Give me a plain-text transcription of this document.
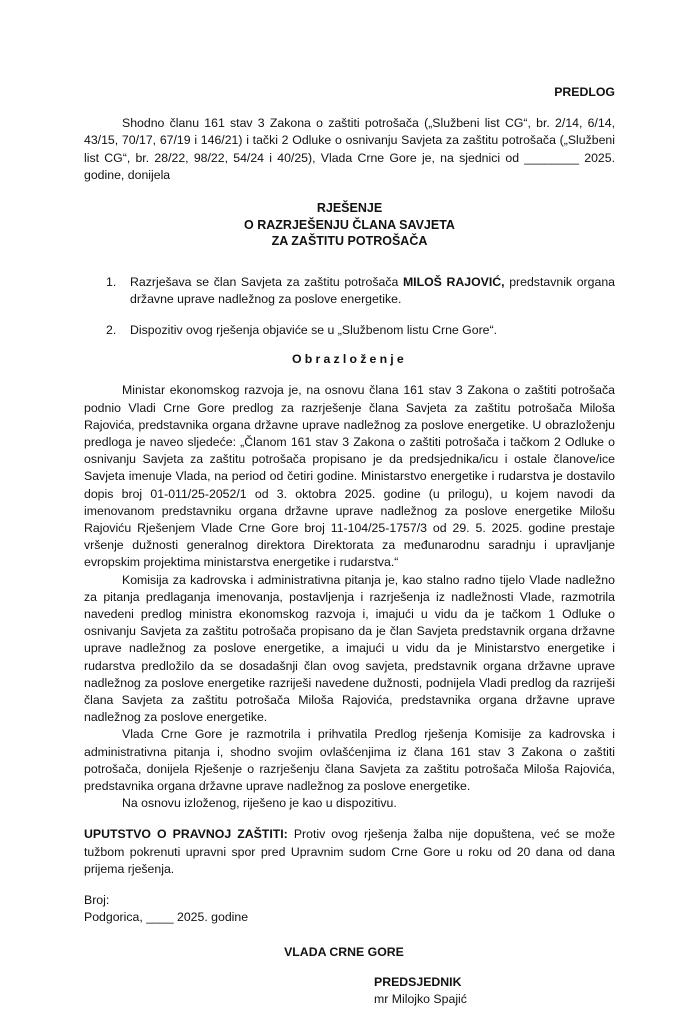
PREDLOG
Shodno članu 161 stav 3 Zakona o zaštiti potrošača („Službeni list CG“, br. 2/14, 6/14, 43/15, 70/17, 67/19 i 146/21) i tački 2 Odluke o osnivanju Savjeta za zaštitu potrošača („Službeni list CG“, br. 28/22, 98/22, 54/24 i 40/25), Vlada Crne Gore je, na sjednici od ________ 2025. godine, donijela
RJEŠENJE
O RAZRJEŠENJU ČLANA SAVJETA
ZA ZAŠTITU POTROŠAČA
1.	Razrješava se član Savjeta za zaštitu potrošača MILOŠ RAJOVIĆ, predstavnik organa državne uprave nadležnog za poslove energetike.
2.	Dispozitiv ovog rješenja objaviće se u „Službenom listu Crne Gore“.
Obrazloženje
Ministar ekonomskog razvoja je, na osnovu člana 161 stav 3 Zakona o zaštiti potrošača podnio Vladi Crne Gore predlog za razrješenje člana Savjeta za zaštitu potrošača Miloša Rajovića, predstavnika organa državne uprave nadležnog za poslove energetike. U obrazloženju predloga je naveo sljedeće: „Članom 161 stav 3 Zakona o zaštiti potrošača i tačkom 2 Odluke o osnivanju Savjeta za zaštitu potrošača propisano je da predsjednika/icu i ostale članove/ice Savjeta imenuje Vlada, na period od četiri godine. Ministarstvo energetike i rudarstva je dostavilo dopis broj 01-011/25-2052/1 od 3. oktobra 2025. godine (u prilogu), u kojem navodi da imenovanom predstavniku organa državne uprave nadležnog za poslove energetike Milošu Rajoviću Rješenjem Vlade Crne Gore broj 11-104/25-1757/3 od 29. 5. 2025. godine prestaje vršenje dužnosti generalnog direktora Direktorata za međunarodnu saradnju i upravljanje evropskim projektima ministarstva energetike i rudarstva.“
Komisija za kadrovska i administrativna pitanja je, kao stalno radno tijelo Vlade nadležno za pitanja predlaganja imenovanja, postavljenja i razrješenja iz nadležnosti Vlade, razmotrila navedeni predlog ministra ekonomskog razvoja i, imajući u vidu da je tačkom 1 Odluke o osnivanju Savjeta za zaštitu potrošača propisano da je član Savjeta predstavnik organa državne uprave nadležnog za poslove energetike, a imajući u vidu da je Ministarstvo energetike i rudarstva predložilo da se dosadašnji član ovog savjeta, predstavnik organa državne uprave nadležnog za poslove energetike razriješi navedene dužnosti, podnijela Vladi predlog da razriješi člana Savjeta za zaštitu potrošača Miloša Rajovića, predstavnika organa državne uprave nadležnog za poslove energetike.
Vlada Crne Gore je razmotrila i prihvatila Predlog rješenja Komisije za kadrovska i administrativna pitanja i, shodno svojim ovlašćenjima iz člana 161 stav 3 Zakona o zaštiti potrošača, donijela Rješenje o razrješenju člana Savjeta za zaštitu potrošača Miloša Rajovića, predstavnika organa državne uprave nadležnog za poslove energetike.
Na osnovu izloženog, riješeno je kao u dispozitivu.
UPUTSTVO O PRAVNOJ ZAŠTITI: Protiv ovog rješenja žalba nije dopuštena, već se može tužbom pokrenuti upravni spor pred Upravnim sudom Crne Gore u roku od 20 dana od dana prijema rješenja.
Broj:
Podgorica, ____ 2025. godine
VLADA CRNE GORE
PREDSJEDNIK
mr Milojko Spajić
